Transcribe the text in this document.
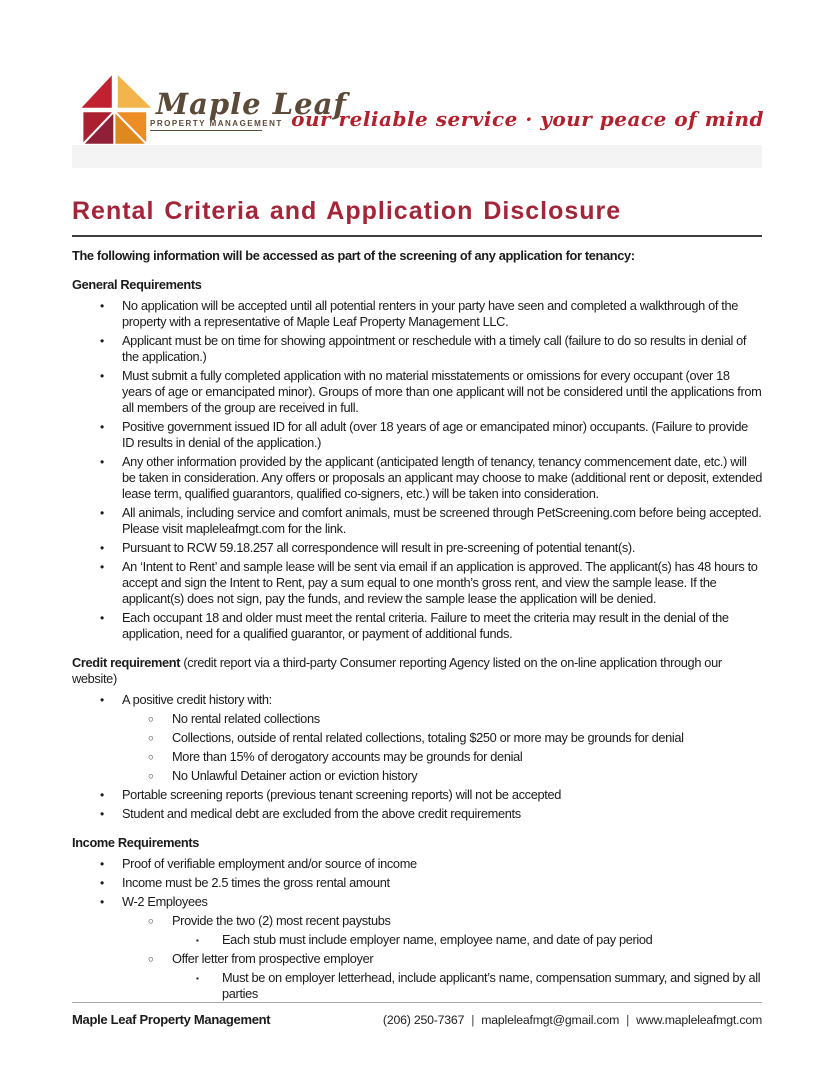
Maple Leaf
PROPERTY MANAGEMENT our reliable service · your peace of mind
Rental Criteria and Application Disclosure

The following information will be accessed as part of the screening of any application for tenancy:

General Requirements

• No application will be accepted until all potential renters in your party have seen and completed a walkthrough of the property with a representative of Maple Leaf Property Management LLC.
• Applicant must be on time for showing appointment or reschedule with a timely call (failure to do so results in denial of the application.)
• Must submit a fully completed application with no material misstatements or omissions for every occupant (over 18 years of age or emancipated minor). Groups of more than one applicant will not be considered until the applications from all members of the group are received in full.
• Positive government issued ID for all adult (over 18 years of age or emancipated minor) occupants. (Failure to provide ID results in denial of the application.)
• Any other information provided by the applicant (anticipated length of tenancy, tenancy commencement date, etc.) will be taken in consideration. Any offers or proposals an applicant may choose to make (additional rent or deposit, extended lease term, qualified guarantors, qualified co-signers, etc.) will be taken into consideration.
• All animals, including service and comfort animals, must be screened through PetScreening.com before being accepted. Please visit mapleleafmgt.com for the link.
• Pursuant to RCW 59.18.257 all correspondence will result in pre-screening of potential tenant(s).
• An ‘Intent to Rent’ and sample lease will be sent via email if an application is approved. The applicant(s) has 48 hours to accept and sign the Intent to Rent, pay a sum equal to one month’s gross rent, and view the sample lease. If the applicant(s) does not sign, pay the funds, and review the sample lease the application will be denied.
• Each occupant 18 and older must meet the rental criteria. Failure to meet the criteria may result in the denial of the application, need for a qualified guarantor, or payment of additional funds.

Credit requirement (credit report via a third-party Consumer reporting Agency listed on the on-line application through our website)

• A positive credit history with:
○ No rental related collections
○ Collections, outside of rental related collections, totaling $250 or more may be grounds for denial
○ More than 15% of derogatory accounts may be grounds for denial
○ No Unlawful Detainer action or eviction history
• Portable screening reports (previous tenant screening reports) will not be accepted
• Student and medical debt are excluded from the above credit requirements

Income Requirements

• Proof of verifiable employment and/or source of income
• Income must be 2.5 times the gross rental amount
• W-2 Employees
○ Provide the two (2) most recent paystubs
▪ Each stub must include employer name, employee name, and date of pay period
○ Offer letter from prospective employer
▪ Must be on employer letterhead, include applicant’s name, compensation summary, and signed by all parties
Maple Leaf Property Management	(206) 250-7367 | mapleleafmgt@gmail.com | www.mapleleafmgt.com
